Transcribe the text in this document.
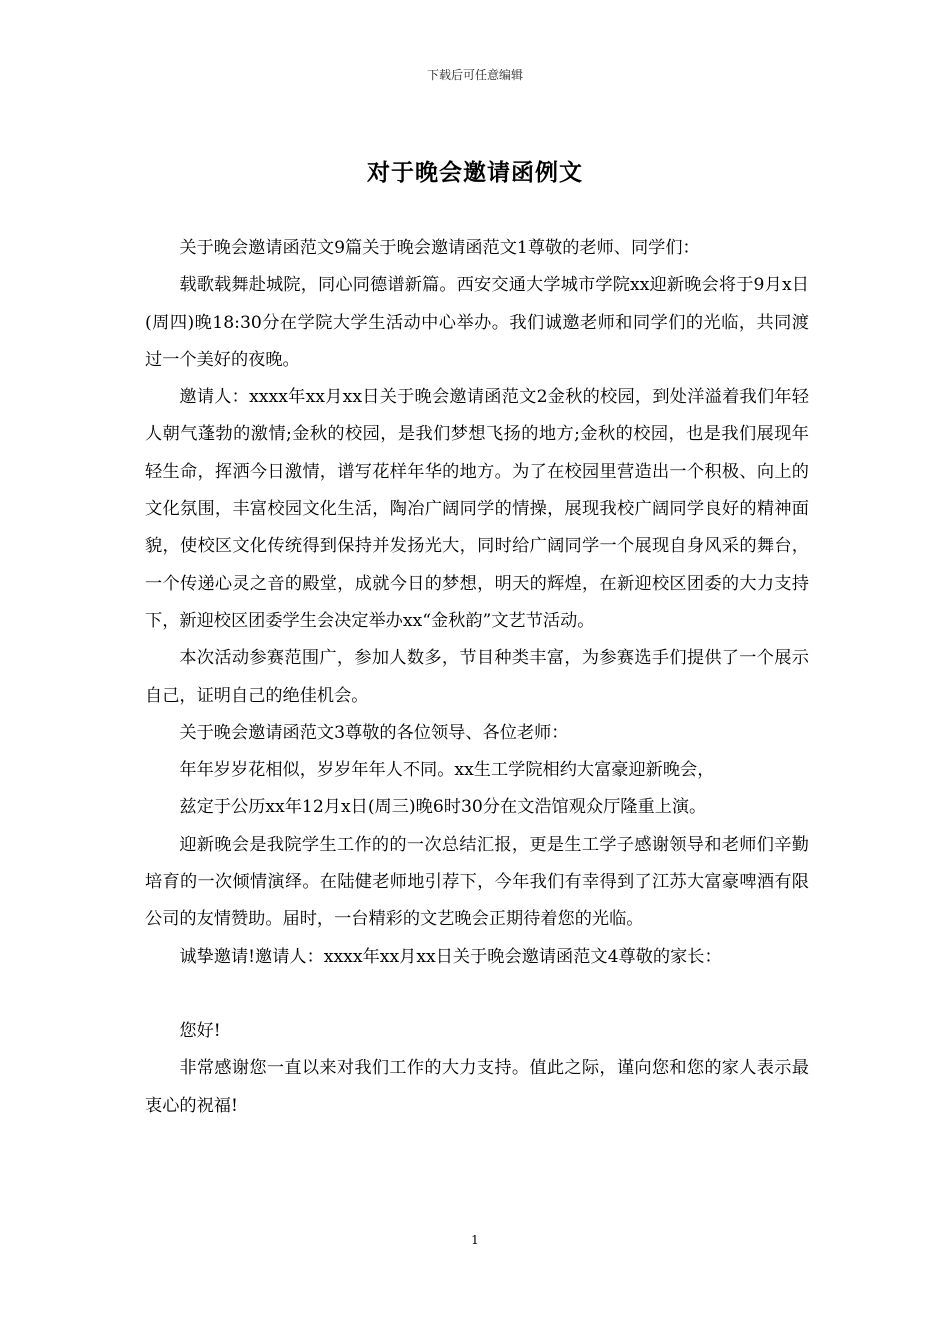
下载后可任意编辑
对于晚会邀请函例文

关于晚会邀请函范文9篇关于晚会邀请函范文1尊敬的老师、同学们：

载歌载舞赴城院，同心同德谱新篇。西安交通大学城市学院xx迎新晚会将于9月x日(周四)晚18:30分在学院大学生活动中心举办。我们诚邀老师和同学们的光临，共同渡过一个美好的夜晚。

邀请人：xxxx年xx月xx日关于晚会邀请函范文2金秋的校园，到处洋溢着我们年轻人朝气蓬勃的激情;金秋的校园，是我们梦想飞扬的地方;金秋的校园，也是我们展现年轻生命，挥洒今日激情，谱写花样年华的地方。为了在校园里营造出一个积极、向上的文化氛围，丰富校园文化生活，陶冶广阔同学的情操，展现我校广阔同学良好的精神面貌，使校区文化传统得到保持并发扬光大，同时给广阔同学一个展现自身风采的舞台，一个传递心灵之音的殿堂，成就今日的梦想，明天的辉煌，在新迎校区团委的大力支持下，新迎校区团委学生会决定举办xx“金秋韵”文艺节活动。

本次活动参赛范围广，参加人数多，节目种类丰富，为参赛选手们提供了一个展示自己，证明自己的绝佳机会。

关于晚会邀请函范文3尊敬的各位领导、各位老师：

年年岁岁花相似，岁岁年年人不同。xx生工学院相约大富豪迎新晚会，

兹定于公历xx年12月x日(周三)晚6时30分在文浩馆观众厅隆重上演。

迎新晚会是我院学生工作的的一次总结汇报，更是生工学子感谢领导和老师们辛勤培育的一次倾情演绎。在陆健老师地引荐下，今年我们有幸得到了江苏大富豪啤酒有限公司的友情赞助。届时，一台精彩的文艺晚会正期待着您的光临。

诚挚邀请!邀请人：xxxx年xx月xx日关于晚会邀请函范文4尊敬的家长：

您好!

非常感谢您一直以来对我们工作的大力支持。值此之际，谨向您和您的家人表示最衷心的祝福!

1
